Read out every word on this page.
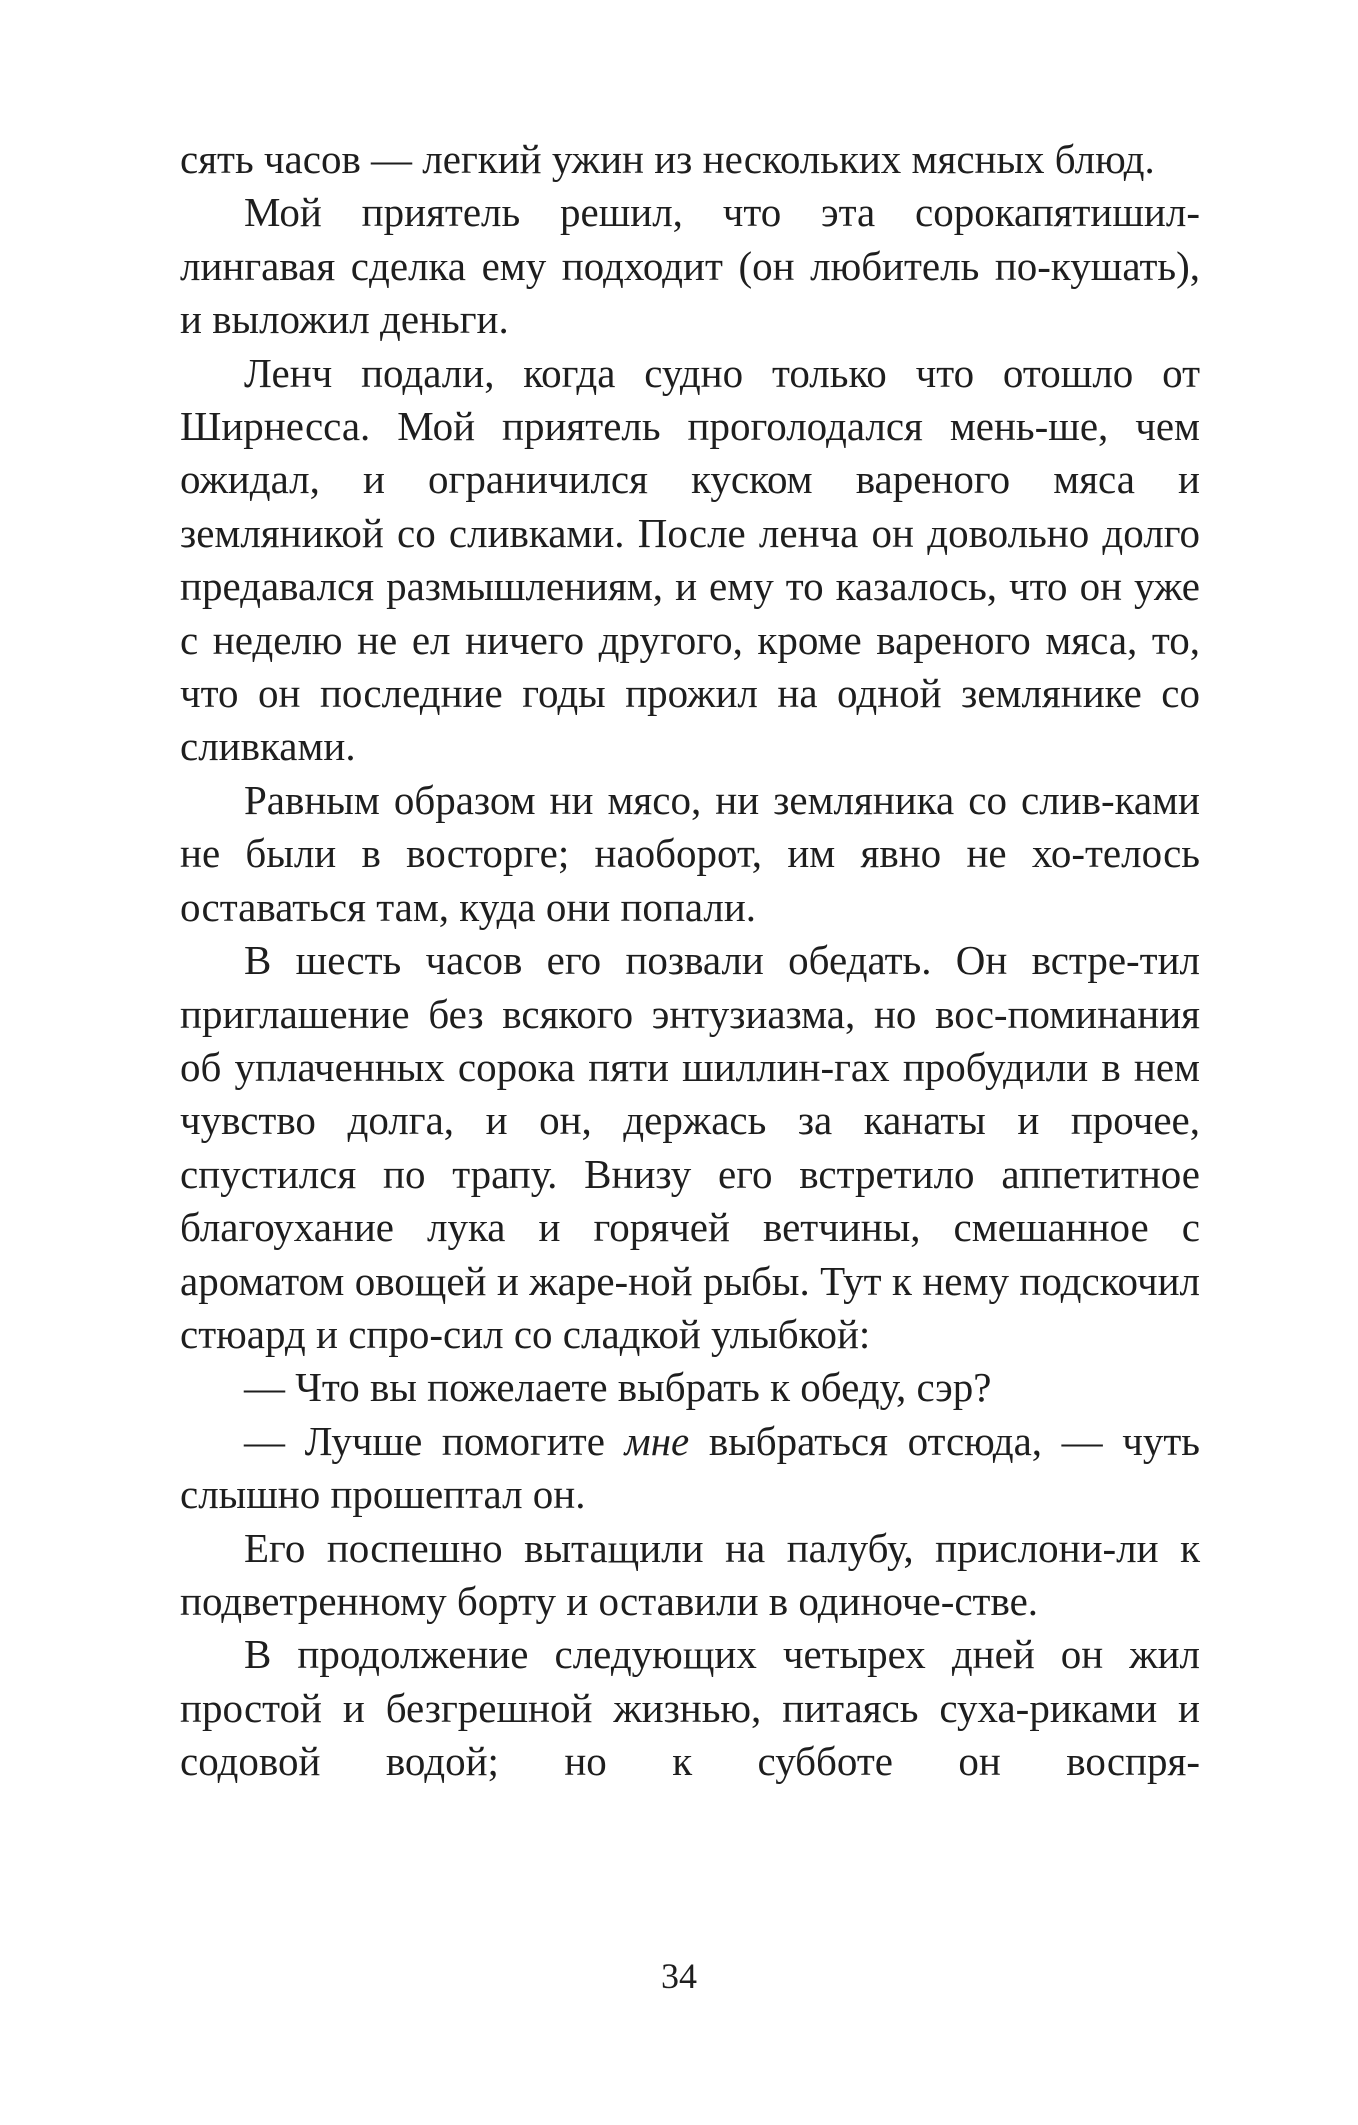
сять часов — легкий ужин из нескольких мясных блюд.

Мой приятель решил, что эта сорокапятишил-лингавая сделка ему подходит (он любитель по-кушать), и выложил деньги.

Ленч подали, когда судно только что отошло от Ширнесса. Мой приятель проголодался мень-ше, чем ожидал, и ограничился куском вареного мяса и земляникой со сливками. После ленча он довольно долго предавался размышлениям, и ему то казалось, что он уже с неделю не ел ничего другого, кроме вареного мяса, то, что он последние годы прожил на одной землянике со сливками.

Равным образом ни мясо, ни земляника со слив-ками не были в восторге; наоборот, им явно не хо-телось оставаться там, куда они попали.

В шесть часов его позвали обедать. Он встре-тил приглашение без всякого энтузиазма, но вос-поминания об уплаченных сорока пяти шиллин-гах пробудили в нем чувство долга, и он, держась за канаты и прочее, спустился по трапу. Внизу его встретило аппетитное благоухание лука и горячей ветчины, смешанное с ароматом овощей и жаре-ной рыбы. Тут к нему подскочил стюард и спро-сил со сладкой улыбкой:

— Что вы пожелаете выбрать к обеду, сэр?

— Лучше помогите мне выбраться отсюда, — чуть слышно прошептал он.

Его поспешно вытащили на палубу, прислони-ли к подветренному борту и оставили в одиноче-стве.

В продолжение следующих четырех дней он жил простой и безгрешной жизнью, питаясь суха-риками и содовой водой; но к субботе он воспря-

34
